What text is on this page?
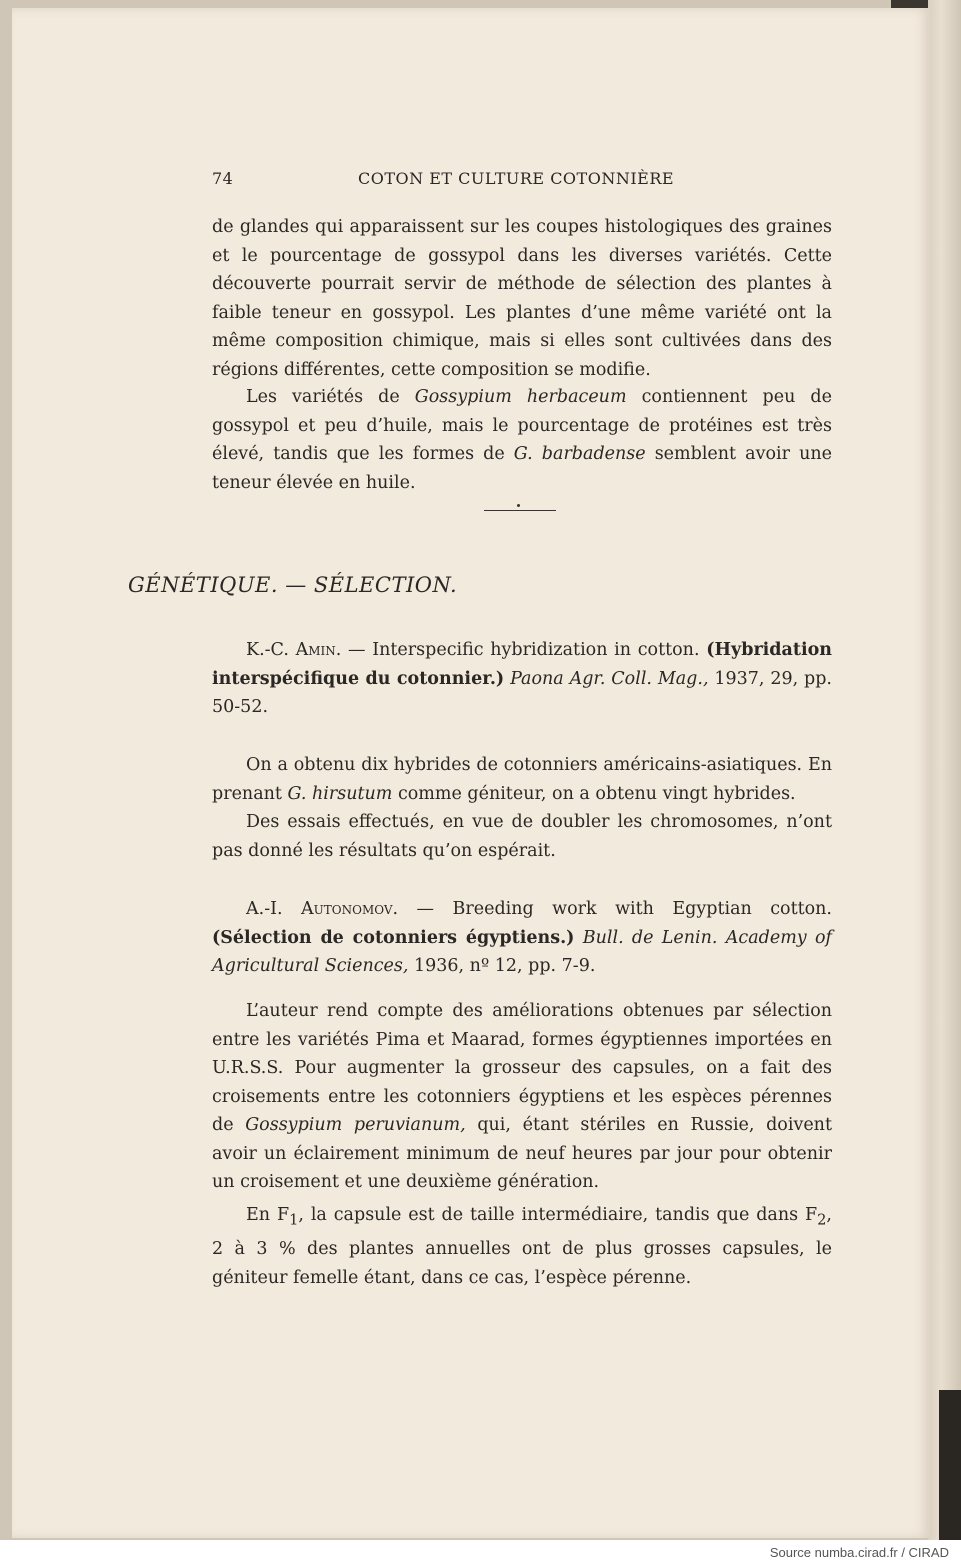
74	COTON ET CULTURE COTONNIÈRE

de glandes qui apparaissent sur les coupes histologiques des graines et le pourcentage de gossypol dans les diverses variétés. Cette découverte pourrait servir de méthode de sélection des plantes à faible teneur en gossypol. Les plantes d’une même variété ont la même composition chimique, mais si elles sont cultivées dans des régions différentes, cette composition se modifie.

Les variétés de Gossypium herbaceum contiennent peu de gossypol et peu d’huile, mais le pourcentage de protéines est très élevé, tandis que les formes de G. barbadense semblent avoir une teneur élevée en huile.

GÉNÉTIQUE. — SÉLECTION.

K.-C. Amin. — Interspecific hybridization in cotton. (Hybridation interspécifique du cotonnier.) Paona Agr. Coll. Mag., 1937, 29, pp. 50-52.

On a obtenu dix hybrides de cotonniers américains-asiatiques. En prenant G. hirsutum comme géniteur, on a obtenu vingt hybrides.

Des essais effectués, en vue de doubler les chromosomes, n’ont pas donné les résultats qu’on espérait.

A.-I. Autonomov. — Breeding work with Egyptian cotton. (Sélection de cotonniers égyptiens.) Bull. de Lenin. Academy of Agricultural Sciences, 1936, nº 12, pp. 7-9.

L’auteur rend compte des améliorations obtenues par sélection entre les variétés Pima et Maarad, formes égyptiennes importées en U.R.S.S. Pour augmenter la grosseur des capsules, on a fait des croisements entre les cotonniers égyptiens et les espèces pérennes de Gossypium peruvianum, qui, étant stériles en Russie, doivent avoir un éclairement minimum de neuf heures par jour pour obtenir un croisement et une deuxième génération.

En $F_1$, la capsule est de taille intermédiaire, tandis que dans $F_2$, 2 à 3 % des plantes annuelles ont de plus grosses capsules, le géniteur femelle étant, dans ce cas, l’espèce pérenne.

Source numba.cirad.fr / CIRAD
